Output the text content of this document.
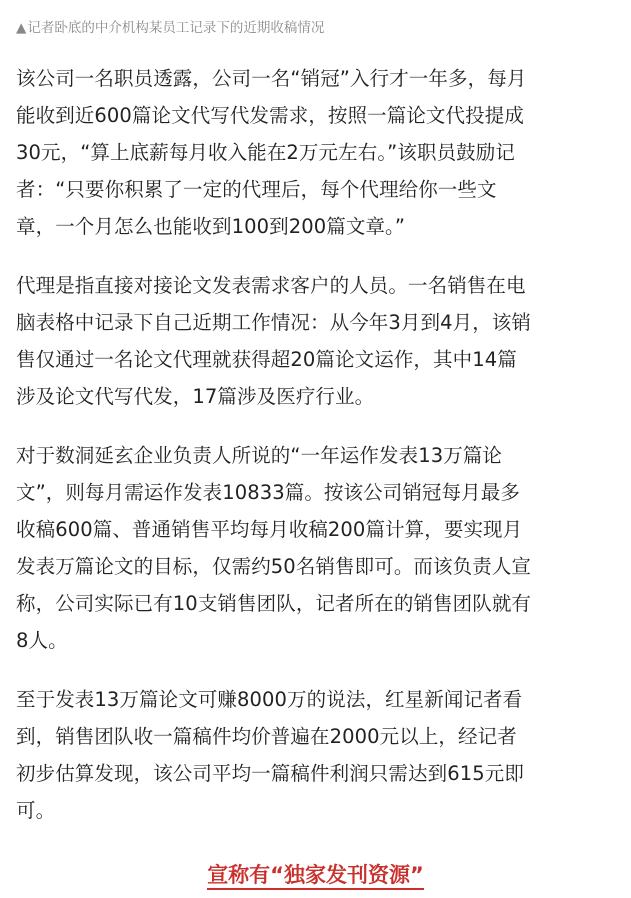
▲记者卧底的中介机构某员工记录下的近期收稿情况

该公司一名职员透露，公司一名“销冠”入行才一年多，每月
能收到近600篇论文代写代发需求，按照一篇论文代投提成
30元，“算上底薪每月收入能在2万元左右。”该职员鼓励记
者：“只要你积累了一定的代理后，每个代理给你一些文
章，一个月怎么也能收到100到200篇文章。”

代理是指直接对接论文发表需求客户的人员。一名销售在电
脑表格中记录下自己近期工作情况：从今年3月到4月，该销
售仅通过一名论文代理就获得超20篇论文运作，其中14篇
涉及论文代写代发，17篇涉及医疗行业。

对于数洞延玄企业负责人所说的“一年运作发表13万篇论
文”，则每月需运作发表10833篇。按该公司销冠每月最多
收稿600篇、普通销售平均每月收稿200篇计算，要实现月
发表万篇论文的目标，仅需约50名销售即可。而该负责人宣
称，公司实际已有10支销售团队，记者所在的销售团队就有
8人。

至于发表13万篇论文可赚8000万的说法，红星新闻记者看
到，销售团队收一篇稿件均价普遍在2000元以上，经记者
初步估算发现，该公司平均一篇稿件利润只需达到615元即
可。

宣称有“独家发刊资源”
